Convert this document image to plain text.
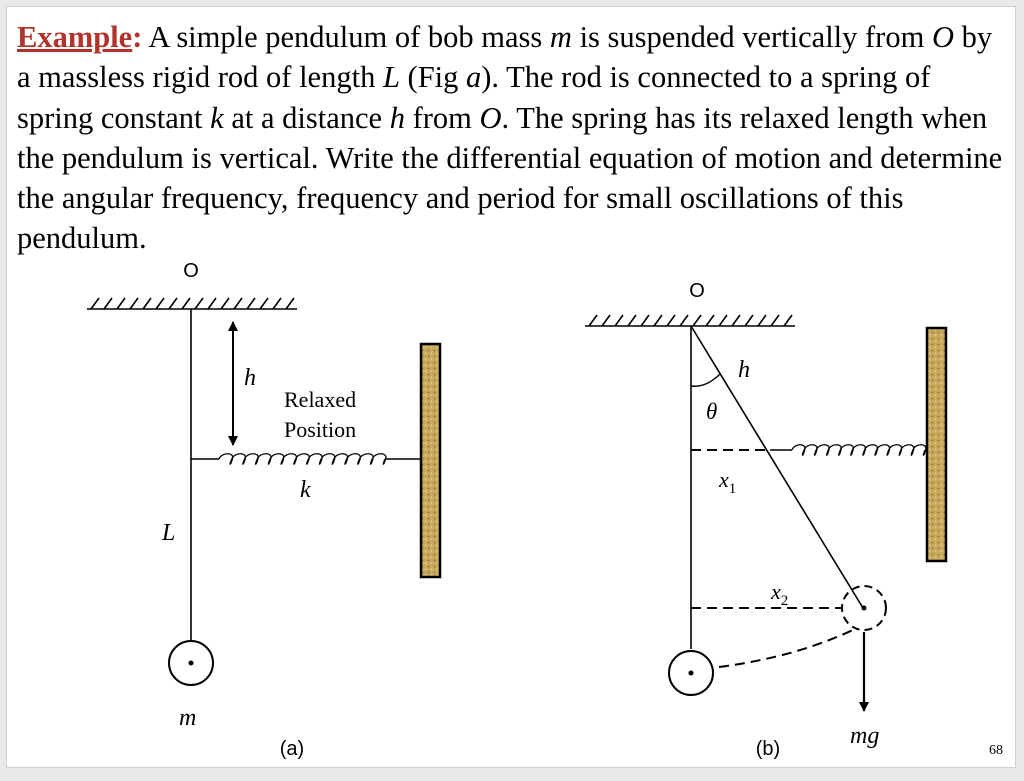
Example: A simple pendulum of bob mass m is suspended vertically from O by a massless rigid rod of length L (Fig a). The rod is connected to a spring of spring constant k at a distance h from O. The spring has its relaxed length when the pendulum is vertical. Write the differential equation of motion and determine the angular frequency, frequency and period for small oscillations of this pendulum.

O
h
Relaxed
Position
k
L
m
(a)
O
θ
h
$x_1$
$x_2$
mg
(b)	68
